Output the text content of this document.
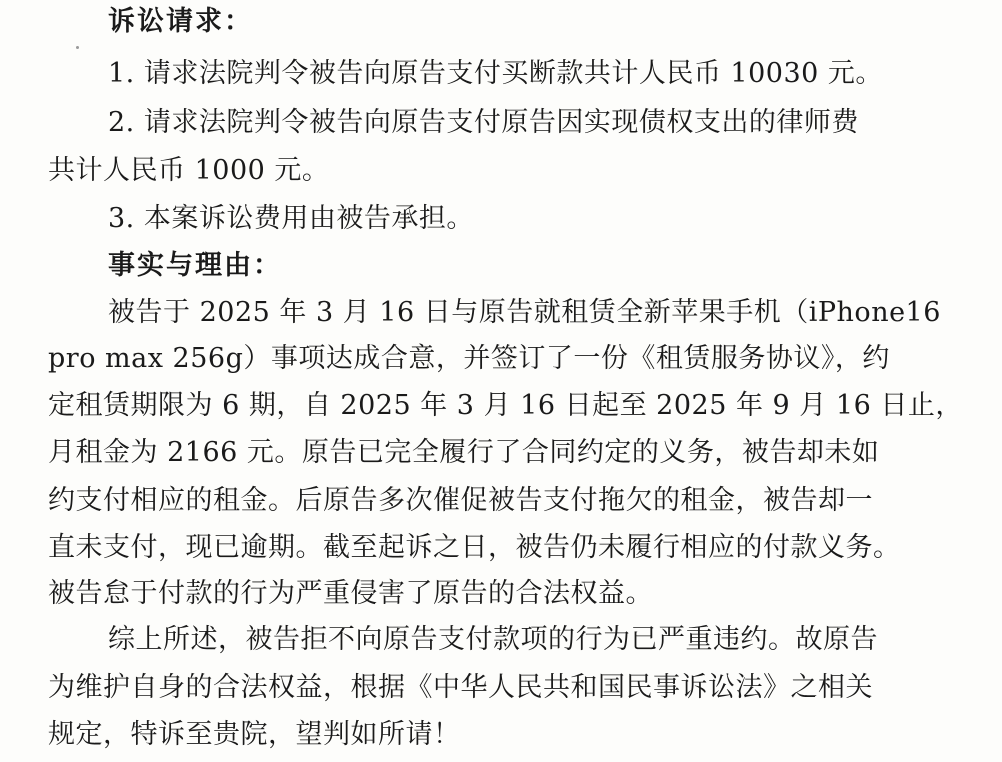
诉讼请求：
1. 请求法院判令被告向原告支付买断款共计人民币 10030 元。
2. 请求法院判令被告向原告支付原告因实现债权支出的律师费
共计人民币 1000 元。
3. 本案诉讼费用由被告承担。
事实与理由：
被告于 2025 年 3 月 16 日与原告就租赁全新苹果手机（iPhone16
pro max 256g）事项达成合意，并签订了一份《租赁服务协议》，约
定租赁期限为 6 期，自 2025 年 3 月 16 日起至 2025 年 9 月 16 日止，
月租金为 2166 元。原告已完全履行了合同约定的义务，被告却未如
约支付相应的租金。后原告多次催促被告支付拖欠的租金，被告却一
直未支付，现已逾期。截至起诉之日，被告仍未履行相应的付款义务。
被告怠于付款的行为严重侵害了原告的合法权益。
综上所述，被告拒不向原告支付款项的行为已严重违约。故原告
为维护自身的合法权益，根据《中华人民共和国民事诉讼法》之相关
规定，特诉至贵院，望判如所请！
